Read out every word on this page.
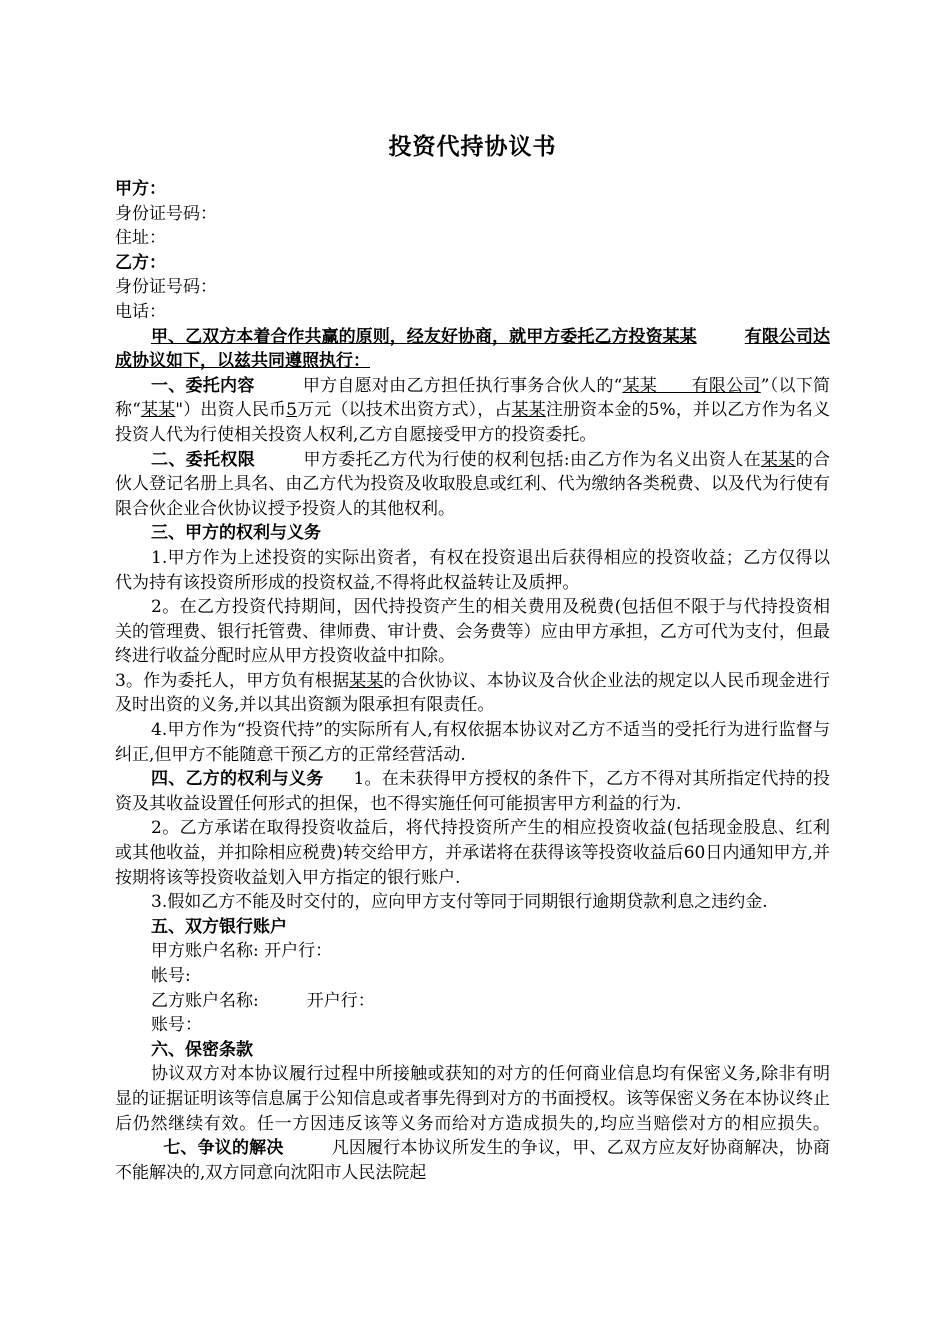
投资代持协议书
甲方：
身份证号码：
住址：
乙方：
身份证号码：
电话：

甲、乙双方本着合作共赢的原则，经友好协商，就甲方委托乙方投资某某	有限公司达成协议如下，以兹共同遵照执行：

一、委托内容	甲方自愿对由乙方担任执行事务合伙人的“某某　　有限公司”（以下简称“某某"）出资人民币5万元（以技术出资方式），占某某注册资本金的5%，并以乙方作为名义投资人代为行使相关投资人权利,乙方自愿接受甲方的投资委托。

二、委托权限	甲方委托乙方代为行使的权利包括:由乙方作为名义出资人在某某的合伙人登记名册上具名、由乙方代为投资及收取股息或红利、代为缴纳各类税费、以及代为行使有限合伙企业合伙协议授予投资人的其他权利。

三、甲方的权利与义务

1.甲方作为上述投资的实际出资者，有权在投资退出后获得相应的投资收益；乙方仅得以代为持有该投资所形成的投资权益,不得将此权益转让及质押。

2。在乙方投资代持期间，因代持投资产生的相关费用及税费(包括但不限于与代持投资相关的管理费、银行托管费、律师费、审计费、会务费等）应由甲方承担，乙方可代为支付，但最终进行收益分配时应从甲方投资收益中扣除。

3。作为委托人，甲方负有根据某某的合伙协议、本协议及合伙企业法的规定以人民币现金进行及时出资的义务,并以其出资额为限承担有限责任。

4.甲方作为“投资代持”的实际所有人,有权依据本协议对乙方不适当的受托行为进行监督与纠正,但甲方不能随意干预乙方的正常经营活动.

四、乙方的权利与义务 1。在未获得甲方授权的条件下，乙方不得对其所指定代持的投资及其收益设置任何形式的担保，也不得实施任何可能损害甲方利益的行为.

2。乙方承诺在取得投资收益后，将代持投资所产生的相应投资收益(包括现金股息、红利或其他收益，并扣除相应税费)转交给甲方，并承诺将在获得该等投资收益后60日内通知甲方,并按期将该等投资收益划入甲方指定的银行账户.

3.假如乙方不能及时交付的，应向甲方支付等同于同期银行逾期贷款利息之违约金.

五、双方银行账户

甲方账户名称: 开户行：
帐号:
乙方账户名称:	开户行：
账号：

六、保密条款

协议双方对本协议履行过程中所接触或获知的对方的任何商业信息均有保密义务,除非有明显的证据证明该等信息属于公知信息或者事先得到对方的书面授权。该等保密义务在本协议终止后仍然继续有效。任一方因违反该等义务而给对方造成损失的,均应当赔偿对方的相应损失。七、争议的解决	凡因履行本协议所发生的争议，甲、乙双方应友好协商解决，协商不能解决的,双方同意向沈阳市人民法院起
